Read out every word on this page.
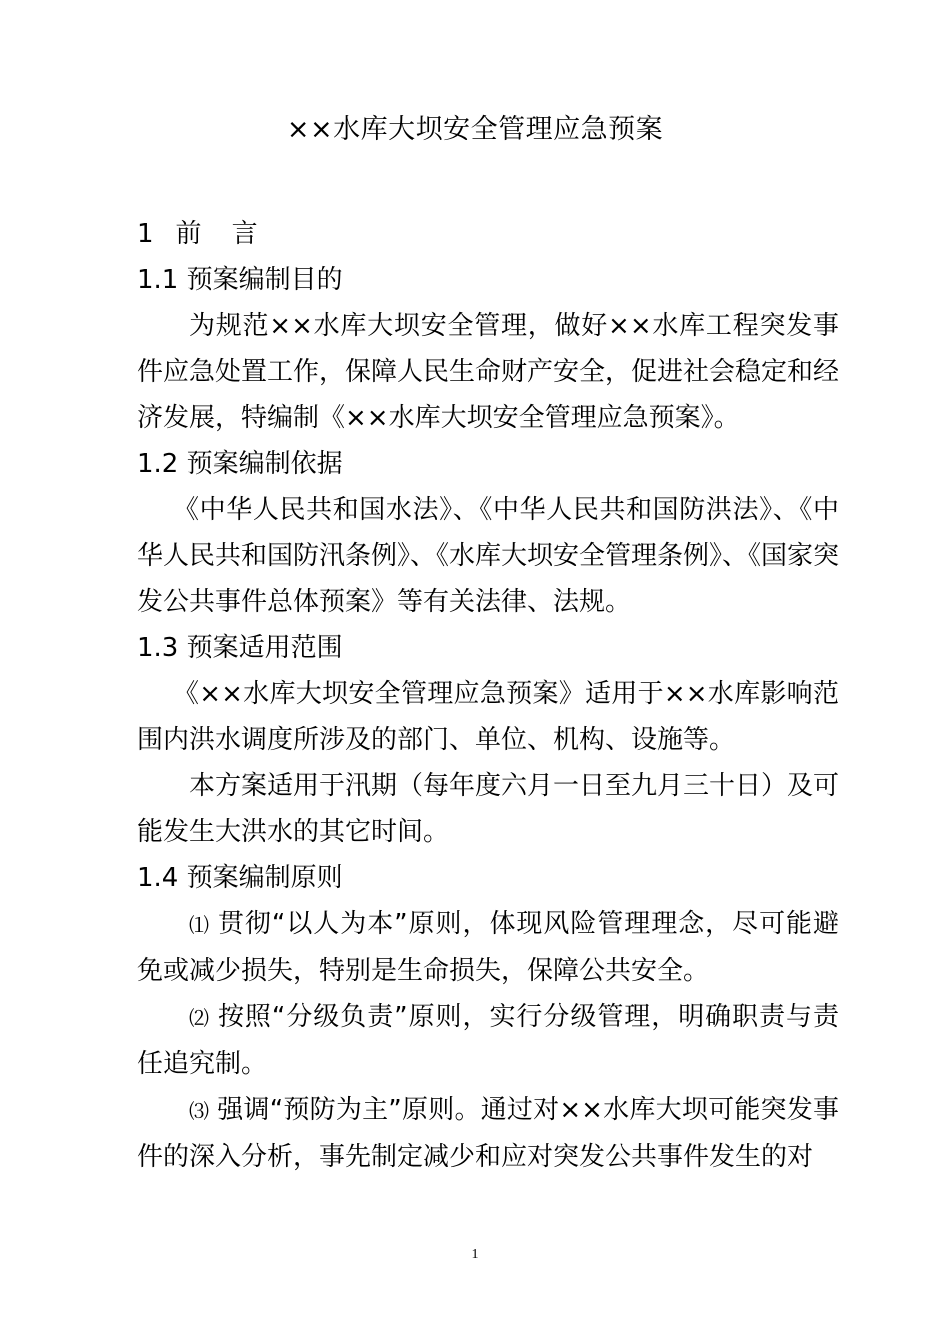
××水库大坝安全管理应急预案

1 前 言

1.1 预案编制目的

为规范××水库大坝安全管理，做好××水库工程突发事件应急处置工作，保障人民生命财产安全，促进社会稳定和经济发展，特编制《××水库大坝安全管理应急预案》。

1.2 预案编制依据

《中华人民共和国水法》、《中华人民共和国防洪法》、《中华人民共和国防汛条例》、《水库大坝安全管理条例》、《国家突发公共事件总体预案》等有关法律、法规。

1.3 预案适用范围

《××水库大坝安全管理应急预案》适用于××水库影响范围内洪水调度所涉及的部门、单位、机构、设施等。

本方案适用于汛期（每年度六月一日至九月三十日）及可能发生大洪水的其它时间。

1.4 预案编制原则

⑴ 贯彻“以人为本”原则，体现风险管理理念，尽可能避免或减少损失，特别是生命损失，保障公共安全。

⑵ 按照“分级负责”原则，实行分级管理，明确职责与责任追究制。

⑶ 强调“预防为主”原则。通过对××水库大坝可能突发事件的深入分析，事先制定减少和应对突发公共事件发生的对

1
